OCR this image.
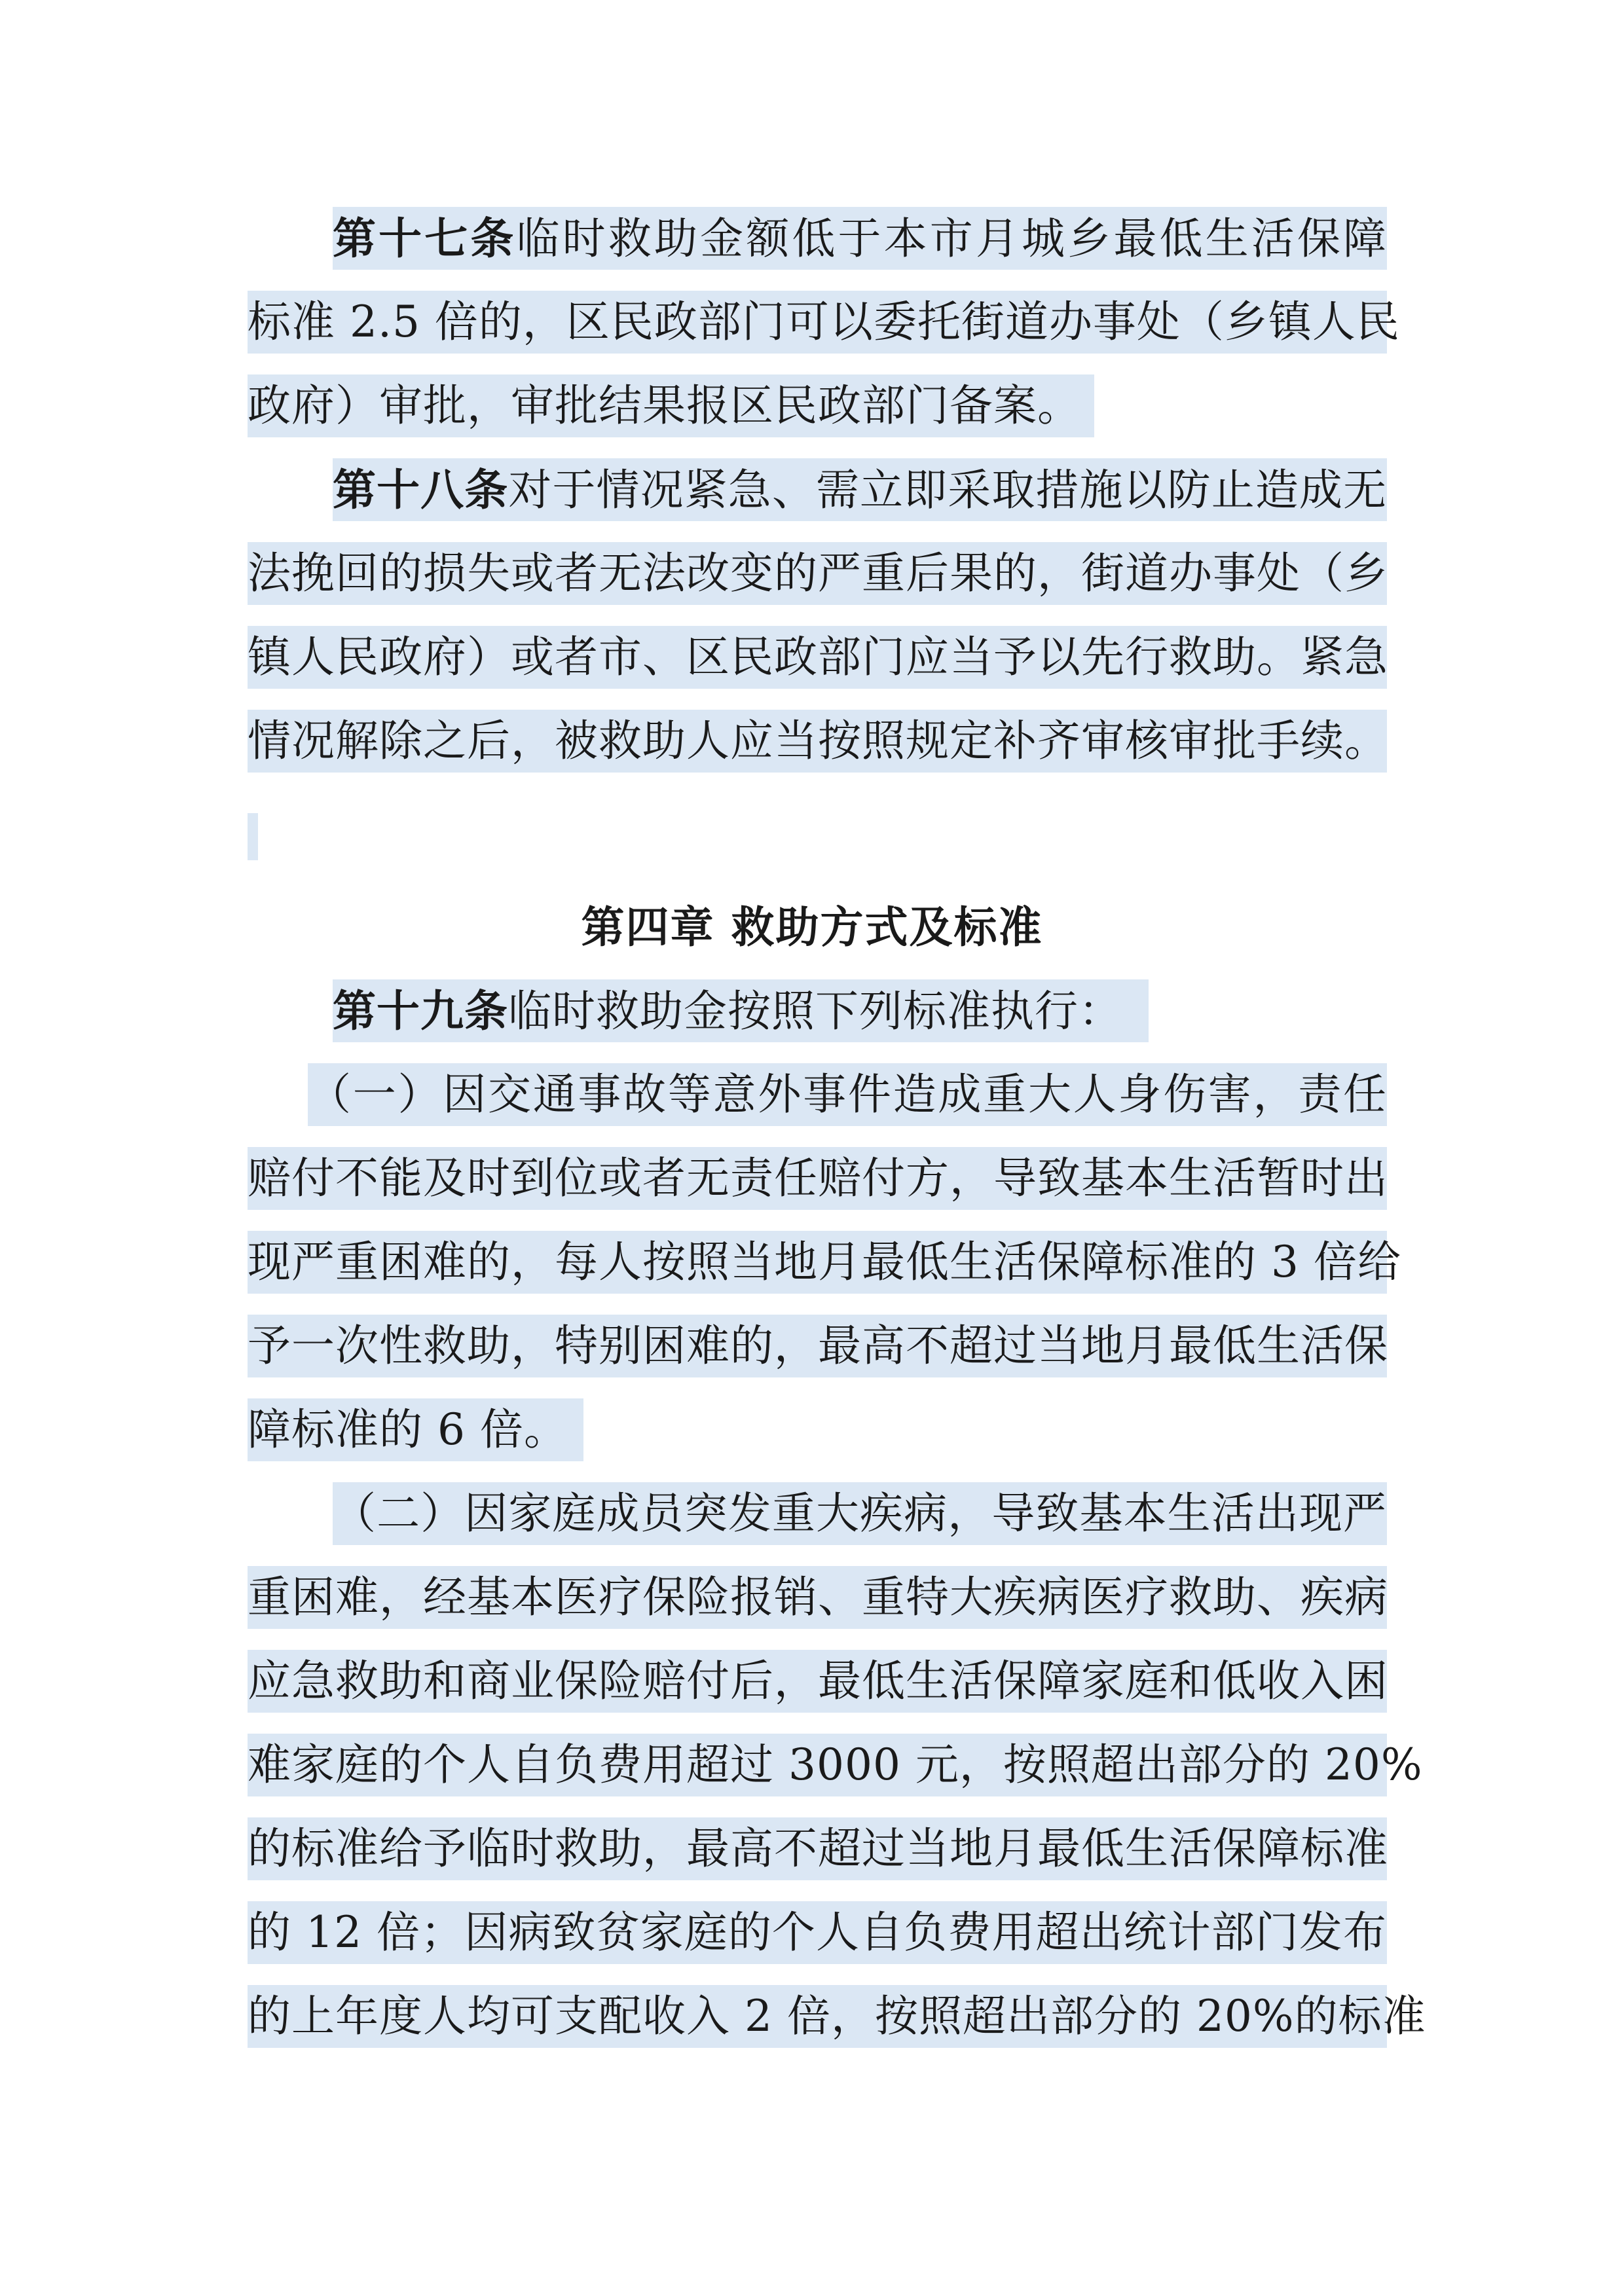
第十七条临时救助金额低于本市月城乡最低生活保障
标准 2.5 倍的，区民政部门可以委托街道办事处（乡镇人民
政府）审批，审批结果报区民政部门备案。
第十八条对于情况紧急、需立即采取措施以防止造成无
法挽回的损失或者无法改变的严重后果的，街道办事处（乡
镇人民政府）或者市、区民政部门应当予以先行救助。紧急
情况解除之后，被救助人应当按照规定补齐审核审批手续。
第四章 救助方式及标准
第十九条临时救助金按照下列标准执行：
（一）因交通事故等意外事件造成重大人身伤害，责任
赔付不能及时到位或者无责任赔付方，导致基本生活暂时出
现严重困难的，每人按照当地月最低生活保障标准的 3 倍给
予一次性救助，特别困难的，最高不超过当地月最低生活保
障标准的 6 倍。
（二）因家庭成员突发重大疾病，导致基本生活出现严
重困难，经基本医疗保险报销、重特大疾病医疗救助、疾病
应急救助和商业保险赔付后，最低生活保障家庭和低收入困
难家庭的个人自负费用超过 3000 元，按照超出部分的 20%
的标准给予临时救助，最高不超过当地月最低生活保障标准
的 12 倍；因病致贫家庭的个人自负费用超出统计部门发布
的上年度人均可支配收入 2 倍，按照超出部分的 20%的标准
